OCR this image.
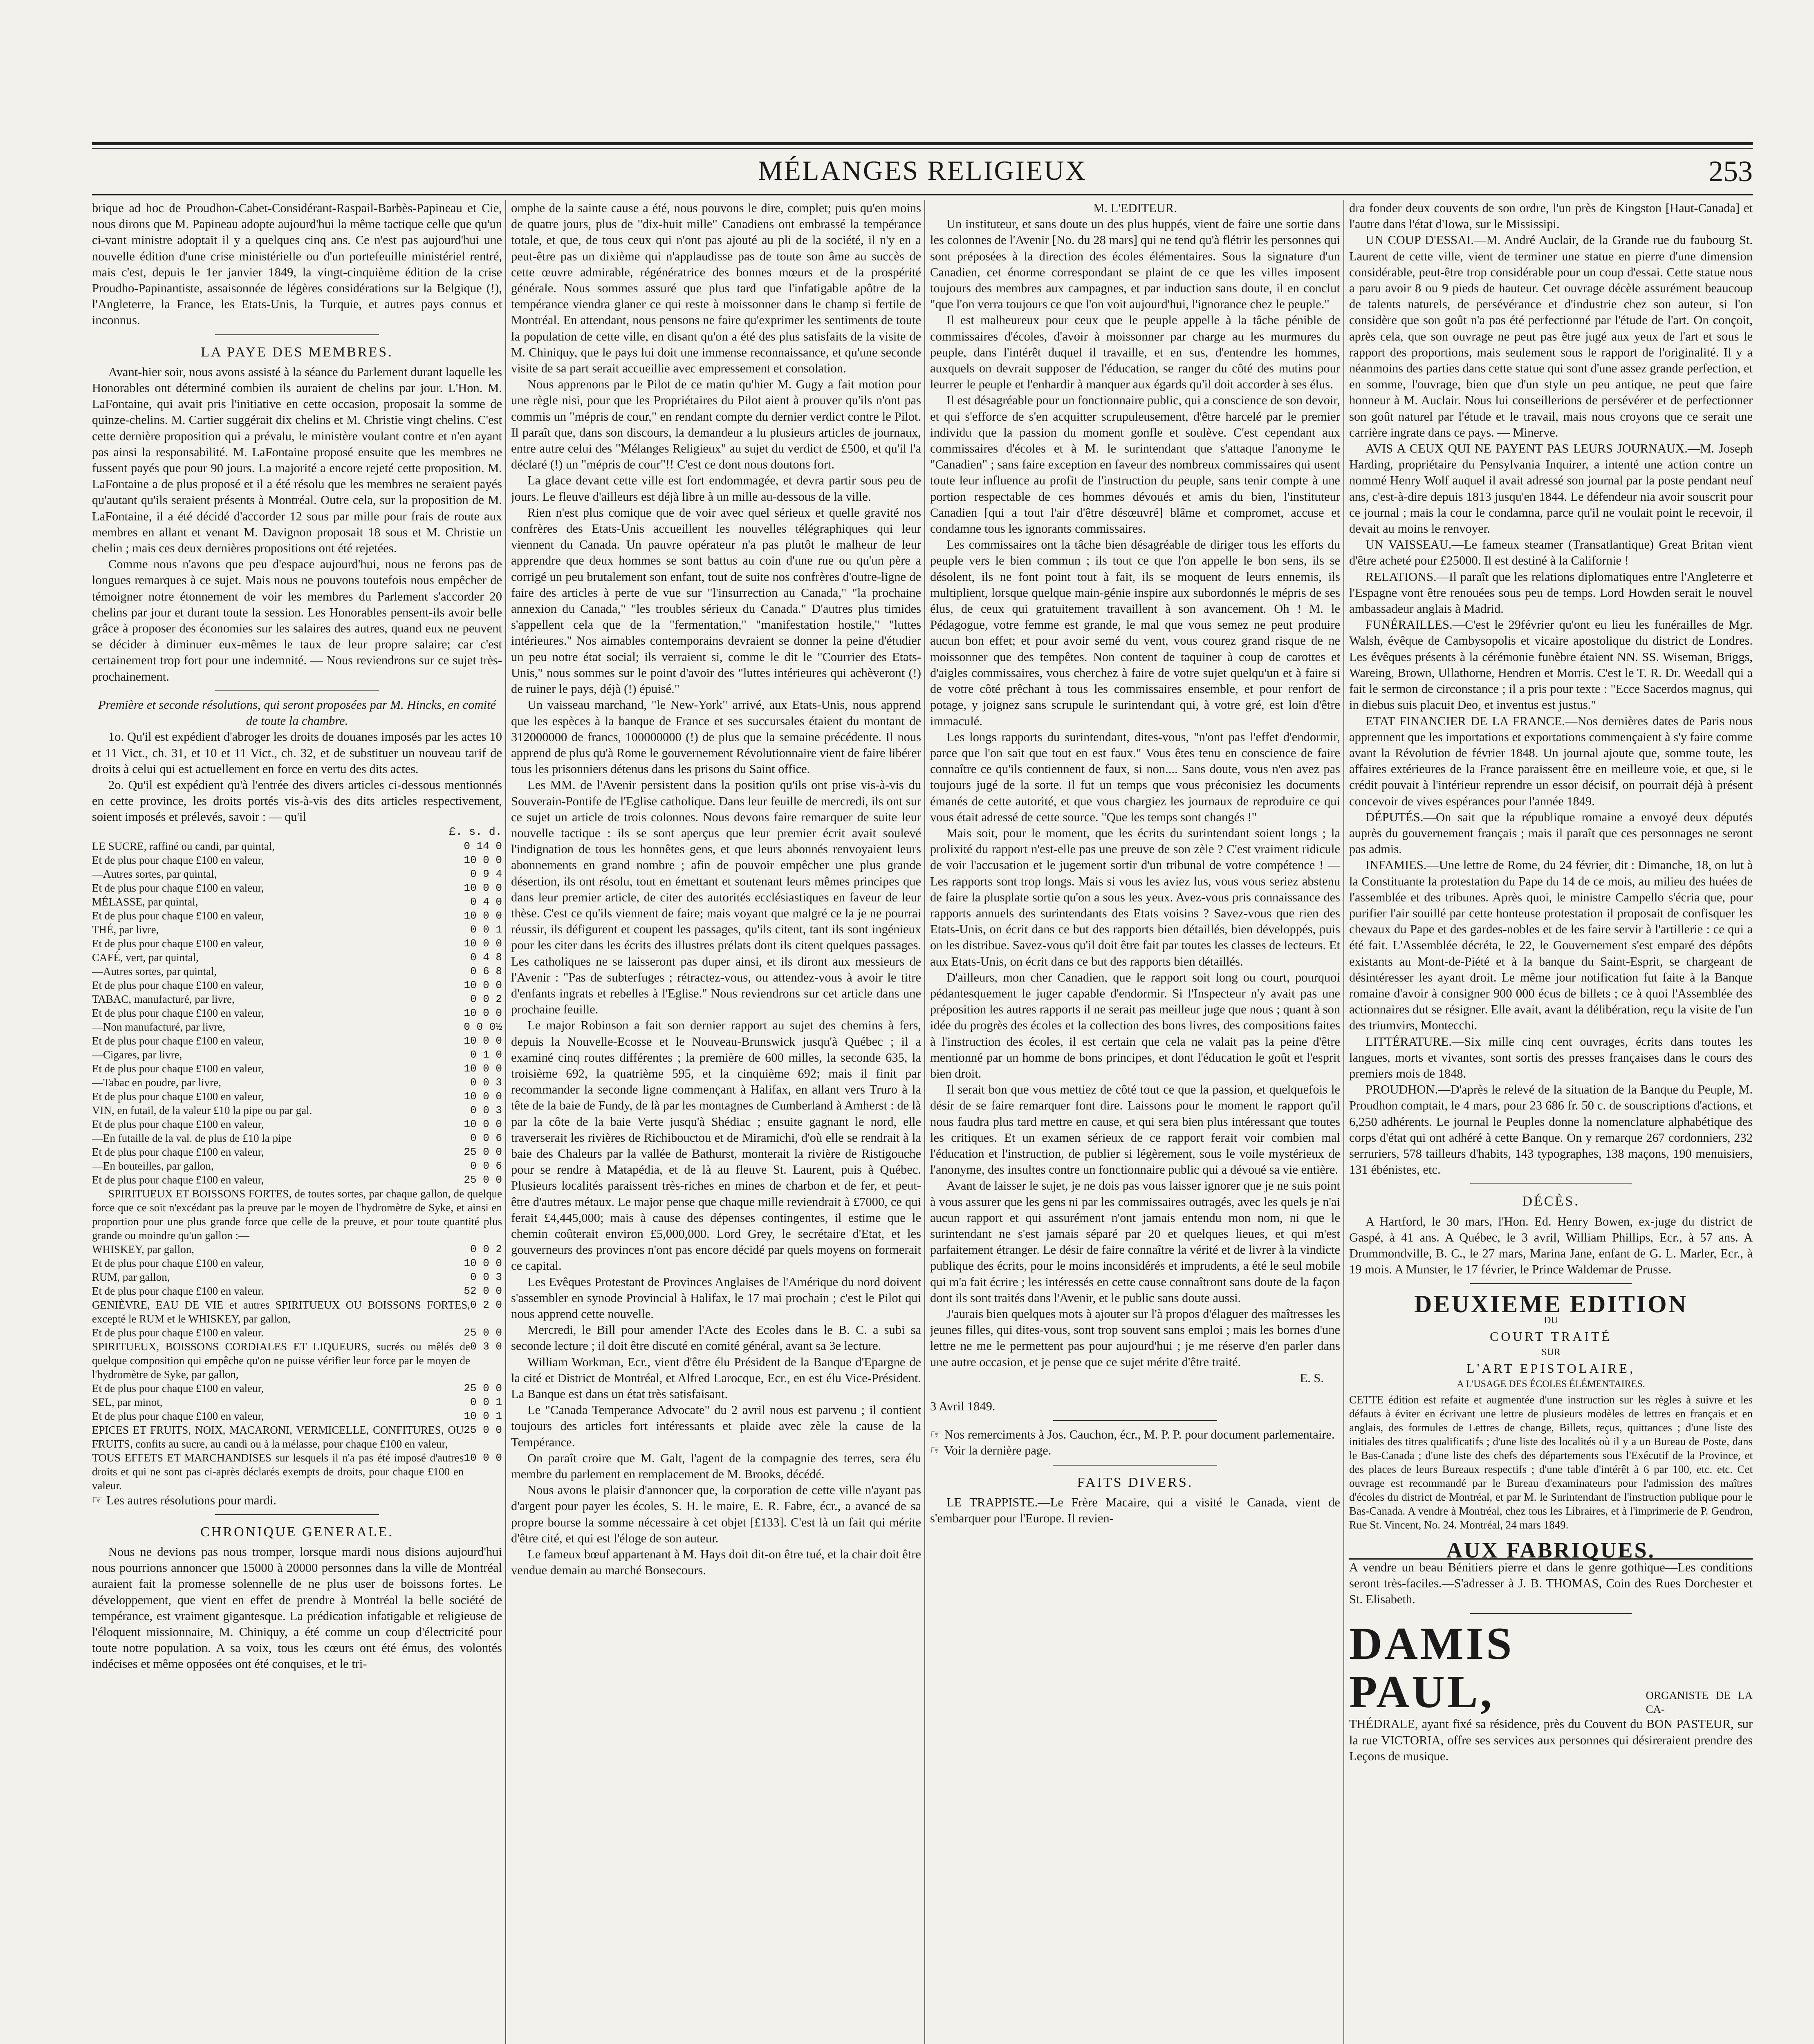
MÉLANGES RELIGIEUX	253

brique ad hoc de Proudhon-Cabet-Considérant-Raspail-Barbès-Papineau et Cie, nous dirons que M. Papineau adopte aujourd'hui la même tactique celle que qu'un ci-vant ministre adoptait il y a quelques cinq ans. Ce n'est pas aujourd'hui une nouvelle édition d'une crise ministérielle ou d'un portefeuille ministériel rentré, mais c'est, depuis le 1er janvier 1849, la vingt-cinquième édition de la crise Proudho-Papinantiste, assaisonnée de légères considérations sur la Belgique (!), l'Angleterre, la France, les Etats-Unis, la Turquie, et autres pays connus et inconnus.

LA PAYE DES MEMBRES.

Avant-hier soir, nous avons assisté à la séance du Parlement durant laquelle les Honorables ont déterminé combien ils auraient de chelins par jour. L'Hon. M. LaFontaine, qui avait pris l'initiative en cette occasion, proposait la somme de quinze-chelins. M. Cartier suggérait dix chelins et M. Christie vingt chelins. C'est cette dernière proposition qui a prévalu, le ministère voulant contre et n'en ayant pas ainsi la responsabilité. M. LaFontaine proposé ensuite que les membres ne fussent payés que pour 90 jours. La majorité a encore rejeté cette proposition. M. LaFontaine a de plus proposé et il a été résolu que les membres ne seraient payés qu'autant qu'ils seraient présents à Montréal. Outre cela, sur la proposition de M. LaFontaine, il a été décidé d'accorder 12 sous par mille pour frais de route aux membres en allant et venant M. Davignon proposait 18 sous et M. Christie un chelin ; mais ces deux dernières propositions ont été rejetées.

Comme nous n'avons que peu d'espace aujourd'hui, nous ne ferons pas de longues remarques à ce sujet. Mais nous ne pouvons toutefois nous empêcher de témoigner notre étonnement de voir les membres du Parlement s'accorder 20 chelins par jour et durant toute la session. Les Honorables pensent-ils avoir belle grâce à proposer des économies sur les salaires des autres, quand eux ne peuvent se décider à diminuer eux-mêmes le taux de leur propre salaire; car c'est certainement trop fort pour une indemnité. — Nous reviendrons sur ce sujet très-prochainement.

Première et seconde résolutions, qui seront proposées par M. Hincks, en comité de toute la chambre.

1o. Qu'il est expédient d'abroger les droits de douanes imposés par les actes 10 et 11 Vict., ch. 31, et 10 et 11 Vict., ch. 32, et de substituer un nouveau tarif de droits à celui qui est actuellement en force en vertu des dits actes.

2o. Qu'il est expédient qu'à l'entrée des divers articles ci-dessous mentionnés en cette province, les droits portés vis-à-vis des dits articles respectivement, soient imposés et prélevés, savoir : — qu'il

£. s. d.
LE SUCRE, raffiné ou candi, par quintal,	0 14 0
Et de plus pour chaque £100 en valeur,	10 0 0
—Autres sortes, par quintal,	0 9 4
Et de plus pour chaque £100 en valeur,	10 0 0
MÉLASSE, par quintal,	0 4 0
Et de plus pour chaque £100 en valeur,	10 0 0
THÉ, par livre,	0 0 1
Et de plus pour chaque £100 en valeur,	10 0 0
CAFÉ, vert, par quintal,	0 4 8
—Autres sortes, par quintal,	0 6 8
Et de plus pour chaque £100 en valeur,	10 0 0
TABAC, manufacturé, par livre,	0 0 2
Et de plus pour chaque £100 en valeur,	10 0 0
—Non manufacturé, par livre,	0 0 0½
Et de plus pour chaque £100 en valeur,	10 0 0
—Cigares, par livre,	0 1 0
Et de plus pour chaque £100 en valeur,	10 0 0
—Tabac en poudre, par livre,	0 0 3
Et de plus pour chaque £100 en valeur,	10 0 0
VIN, en futail, de la valeur £10 la pipe ou par gal.	0 0 3
Et de plus pour chaque £100 en valeur,	10 0 0
—En futaille de la val. de plus de £10 la pipe	0 0 6
Et de plus pour chaque £100 en valeur,	25 0 0
—En bouteilles, par gallon,	0 0 6
Et de plus pour chaque £100 en valeur,	25 0 0

SPIRITUEUX ET BOISSONS FORTES, de toutes sortes, par chaque gallon, de quelque force que ce soit n'excédant pas la preuve par le moyen de l'hydromètre de Syke, et ainsi en proportion pour une plus grande force que celle de la preuve, et pour toute quantité plus grande ou moindre qu'un gallon :—

WHISKEY, par gallon,	0 0 2
Et de plus pour chaque £100 en valeur,	10 0 0
RUM, par gallon,	0 0 3
Et de plus pour chaque £100 en valeur.	52 0 0
GENIÈVRE, EAU DE VIE et autres SPIRITUEUX OU BOISSONS FORTES, excepté le RUM et le WHISKEY, par gallon,
0 2 0
Et de plus pour chaque £100 en valeur.	25 0 0
SPIRITUEUX, BOISSONS CORDIALES ET LIQUEURS, sucrés ou mêlés de quelque composition qui empêche qu'on ne puisse vérifier leur force par le moyen de l'hydromètre de Syke, par gallon,
0 3 0
Et de plus pour chaque £100 en valeur,	25 0 0
SEL, par minot,	0 0 1
Et de plus pour chaque £100 en valeur,	10 0 1
EPICES ET FRUITS, NOIX, MACARONI, VERMICELLE, CONFITURES, OU FRUITS, confits au sucre, au candi ou à la mélasse, pour chaque £100 en valeur,
25 0 0
TOUS EFFETS ET MARCHANDISES sur lesquels il n'a pas été imposé d'autres droits et qui ne sont pas ci-après déclarés exempts de droits, pour chaque £100 en valeur.
10 0 0

☞ Les autres résolutions pour mardi.

CHRONIQUE GENERALE.

Nous ne devions pas nous tromper, lorsque mardi nous disions aujourd'hui nous pourrions annoncer que 15000 à 20000 personnes dans la ville de Montréal auraient fait la promesse solennelle de ne plus user de boissons fortes. Le développement, que vient en effet de prendre à Montréal la belle société de tempérance, est vraiment gigantesque. La prédication infatigable et religieuse de l'éloquent missionnaire, M. Chiniquy, a été comme un coup d'électricité pour toute notre population. A sa voix, tous les cœurs ont été émus, des volontés indécises et même opposées ont été conquises, et le tri-

omphe de la sainte cause a été, nous pouvons le dire, complet; puis qu'en moins de quatre jours, plus de "dix-huit mille" Canadiens ont embrassé la tempérance totale, et que, de tous ceux qui n'ont pas ajouté au pli de la société, il n'y en a peut-être pas un dixième qui n'applaudisse pas de toute son âme au succès de cette œuvre admirable, régénératrice des bonnes mœurs et de la prospérité générale. Nous sommes assuré que plus tard que l'infatigable apôtre de la tempérance viendra glaner ce qui reste à moissonner dans le champ si fertile de Montréal. En attendant, nous pensons ne faire qu'exprimer les sentiments de toute la population de cette ville, en disant qu'on a été des plus satisfaits de la visite de M. Chiniquy, que le pays lui doit une immense reconnaissance, et qu'une seconde visite de sa part serait accueillie avec empressement et consolation.

Nous apprenons par le Pilot de ce matin qu'hier M. Gugy a fait motion pour une règle nisi, pour que les Propriétaires du Pilot aient à prouver qu'ils n'ont pas commis un "mépris de cour," en rendant compte du dernier verdict contre le Pilot. Il paraît que, dans son discours, la demandeur a lu plusieurs articles de journaux, entre autre celui des "Mélanges Religieux" au sujet du verdict de £500, et qu'il l'a déclaré (!) un "mépris de cour"!! C'est ce dont nous doutons fort.

La glace devant cette ville est fort endommagée, et devra partir sous peu de jours. Le fleuve d'ailleurs est déjà libre à un mille au-dessous de la ville.

Rien n'est plus comique que de voir avec quel sérieux et quelle gravité nos confrères des Etats-Unis accueillent les nouvelles télégraphiques qui leur viennent du Canada. Un pauvre opérateur n'a pas plutôt le malheur de leur apprendre que deux hommes se sont battus au coin d'une rue ou qu'un père a corrigé un peu brutalement son enfant, tout de suite nos confrères d'outre-ligne de faire des articles à perte de vue sur "l'insurrection au Canada," "la prochaine annexion du Canada," "les troubles sérieux du Canada." D'autres plus timides s'appellent cela que de la "fermentation," "manifestation hostile," "luttes intérieures." Nos aimables contemporains devraient se donner la peine d'étudier un peu notre état social; ils verraient si, comme le dit le "Courrier des Etats-Unis," nous sommes sur le point d'avoir des "luttes intérieures qui achèveront (!) de ruiner le pays, déjà (!) épuisé."

Un vaisseau marchand, "le New-York" arrivé, aux Etats-Unis, nous apprend que les espèces à la banque de France et ses succursales étaient du montant de 312000000 de francs, 100000000 (!) de plus que la semaine précédente. Il nous apprend de plus qu'à Rome le gouvernement Révolutionnaire vient de faire libérer tous les prisonniers détenus dans les prisons du Saint office.

Les MM. de l'Avenir persistent dans la position qu'ils ont prise vis-à-vis du Souverain-Pontife de l'Eglise catholique. Dans leur feuille de mercredi, ils ont sur ce sujet un article de trois colonnes. Nous devons faire remarquer de suite leur nouvelle tactique : ils se sont aperçus que leur premier écrit avait soulevé l'indignation de tous les honnêtes gens, et que leurs abonnés renvoyaient leurs abonnements en grand nombre ; afin de pouvoir empêcher une plus grande désertion, ils ont résolu, tout en émettant et soutenant leurs mêmes principes que dans leur premier article, de citer des autorités ecclésiastiques en faveur de leur thèse. C'est ce qu'ils viennent de faire; mais voyant que malgré ce la je ne pourrai réussir, ils défigurent et coupent les passages, qu'ils citent, tant ils sont ingénieux pour les citer dans les écrits des illustres prélats dont ils citent quelques passages. Les catholiques ne se laisseront pas duper ainsi, et ils diront aux messieurs de l'Avenir : "Pas de subterfuges ; rétractez-vous, ou attendez-vous à avoir le titre d'enfants ingrats et rebelles à l'Eglise." Nous reviendrons sur cet article dans une prochaine feuille.

Le major Robinson a fait son dernier rapport au sujet des chemins à fers, depuis la Nouvelle-Ecosse et le Nouveau-Brunswick jusqu'à Québec ; il a examiné cinq routes différentes ; la première de 600 milles, la seconde 635, la troisième 692, la quatrième 595, et la cinquième 692; mais il finit par recommander la seconde ligne commençant à Halifax, en allant vers Truro à la tête de la baie de Fundy, de là par les montagnes de Cumberland à Amherst : de là par la côte de la baie Verte jusqu'à Shédiac ; ensuite gagnant le nord, elle traverserait les rivières de Richibouctou et de Miramichi, d'où elle se rendrait à la baie des Chaleurs par la vallée de Bathurst, monterait la rivière de Ristigouche pour se rendre à Matapédia, et de là au fleuve St. Laurent, puis à Québec. Plusieurs localités paraissent très-riches en mines de charbon et de fer, et peut-être d'autres métaux. Le major pense que chaque mille reviendrait à £7000, ce qui ferait £4,445,000; mais à cause des dépenses contingentes, il estime que le chemin coûterait environ £5,000,000. Lord Grey, le secrétaire d'Etat, et les gouverneurs des provinces n'ont pas encore décidé par quels moyens on formerait ce capital.

Les Evêques Protestant de Provinces Anglaises de l'Amérique du nord doivent s'assembler en synode Provincial à Halifax, le 17 mai prochain ; c'est le Pilot qui nous apprend cette nouvelle.

Mercredi, le Bill pour amender l'Acte des Ecoles dans le B. C. a subi sa seconde lecture ; il doit être discuté en comité général, avant sa 3e lecture.

William Workman, Ecr., vient d'être élu Président de la Banque d'Epargne de la cité et District de Montréal, et Alfred Larocque, Ecr., en est élu Vice-Président. La Banque est dans un état très satisfaisant.

Le "Canada Temperance Advocate" du 2 avril nous est parvenu ; il contient toujours des articles fort intéressants et plaide avec zèle la cause de la Tempérance.

On paraît croire que M. Galt, l'agent de la compagnie des terres, sera élu membre du parlement en remplacement de M. Brooks, décédé.

Nous avons le plaisir d'annoncer que, la corporation de cette ville n'ayant pas d'argent pour payer les écoles, S. H. le maire, E. R. Fabre, écr., a avancé de sa propre bourse la somme nécessaire à cet objet [£133]. C'est là un fait qui mérite d'être cité, et qui est l'éloge de son auteur.

Le fameux bœuf appartenant à M. Hays doit dit-on être tué, et la chair doit être vendue demain au marché Bonsecours.

M. L'EDITEUR.

Un instituteur, et sans doute un des plus huppés, vient de faire une sortie dans les colonnes de l'Avenir [No. du 28 mars] qui ne tend qu'à flétrir les personnes qui sont préposées à la direction des écoles élémentaires. Sous la signature d'un Canadien, cet énorme correspondant se plaint de ce que les villes imposent toujours des membres aux campagnes, et par induction sans doute, il en conclut "que l'on verra toujours ce que l'on voit aujourd'hui, l'ignorance chez le peuple."

Il est malheureux pour ceux que le peuple appelle à la tâche pénible de commissaires d'écoles, d'avoir à moissonner par charge au les murmures du peuple, dans l'intérêt duquel il travaille, et en sus, d'entendre les hommes, auxquels on devrait supposer de l'éducation, se ranger du côté des mutins pour leurrer le peuple et l'enhardir à manquer aux égards qu'il doit accorder à ses élus.

Il est désagréable pour un fonctionnaire public, qui a conscience de son devoir, et qui s'efforce de s'en acquitter scrupuleusement, d'être harcelé par le premier individu que la passion du moment gonfle et soulève. C'est cependant aux commissaires d'écoles et à M. le surintendant que s'attaque l'anonyme le "Canadien" ; sans faire exception en faveur des nombreux commissaires qui usent toute leur influence au profit de l'instruction du peuple, sans tenir compte à une portion respectable de ces hommes dévoués et amis du bien, l'instituteur Canadien [qui a tout l'air d'être désœuvré] blâme et compromet, accuse et condamne tous les ignorants commissaires.

Les commissaires ont la tâche bien désagréable de diriger tous les efforts du peuple vers le bien commun ; ils tout ce que l'on appelle le bon sens, ils se désolent, ils ne font point tout à fait, ils se moquent de leurs ennemis, ils multiplient, lorsque quelque main-génie inspire aux subordonnés le mépris de ses élus, de ceux qui gratuitement travaillent à son avancement. Oh ! M. le Pédagogue, votre femme est grande, le mal que vous semez ne peut produire aucun bon effet; et pour avoir semé du vent, vous courez grand risque de ne moissonner que des tempêtes. Non content de taquiner à coup de carottes et d'aigles commissaires, vous cherchez à faire de votre sujet quelqu'un et à faire si de votre côté prêchant à tous les commissaires ensemble, et pour renfort de potage, y joignez sans scrupule le surintendant qui, à votre gré, est loin d'être immaculé.

Les longs rapports du surintendant, dites-vous, "n'ont pas l'effet d'endormir, parce que l'on sait que tout en est faux." Vous êtes tenu en conscience de faire connaître ce qu'ils contiennent de faux, si non.... Sans doute, vous n'en avez pas toujours jugé de la sorte. Il fut un temps que vous préconisiez les documents émanés de cette autorité, et que vous chargiez les journaux de reproduire ce qui vous était adressé de cette source. "Que les temps sont changés !"

Mais soit, pour le moment, que les écrits du surintendant soient longs ; la prolixité du rapport n'est-elle pas une preuve de son zèle ? C'est vraiment ridicule de voir l'accusation et le jugement sortir d'un tribunal de votre compétence ! — Les rapports sont trop longs. Mais si vous les aviez lus, vous vous seriez abstenu de faire la plusplate sortie qu'on a sous les yeux. Avez-vous pris connaissance des rapports annuels des surintendants des Etats voisins ? Savez-vous que rien des Etats-Unis, on écrit dans ce but des rapports bien détaillés, bien développés, puis on les distribue. Savez-vous qu'il doit être fait par toutes les classes de lecteurs. Et aux Etats-Unis, on écrit dans ce but des rapports bien détaillés.

D'ailleurs, mon cher Canadien, que le rapport soit long ou court, pourquoi pédantesquement le juger capable d'endormir. Si l'Inspecteur n'y avait pas une préposition les autres rapports il ne serait pas meilleur juge que nous ; quant à son idée du progrès des écoles et la collection des bons livres, des compositions faites à l'instruction des écoles, il est certain que cela ne valait pas la peine d'être mentionné par un homme de bons principes, et dont l'éducation le goût et l'esprit bien droit.

Il serait bon que vous mettiez de côté tout ce que la passion, et quelquefois le désir de se faire remarquer font dire. Laissons pour le moment le rapport qu'il nous faudra plus tard mettre en cause, et qui sera bien plus intéressant que toutes les critiques. Et un examen sérieux de ce rapport ferait voir combien mal l'éducation et l'instruction, de publier si légèrement, sous le voile mystérieux de l'anonyme, des insultes contre un fonctionnaire public qui a dévoué sa vie entière.

Avant de laisser le sujet, je ne dois pas vous laisser ignorer que je ne suis point à vous assurer que les gens ni par les commissaires outragés, avec les quels je n'ai aucun rapport et qui assurément n'ont jamais entendu mon nom, ni que le surintendant ne s'est jamais séparé par 20 et quelques lieues, et qui m'est parfaitement étranger. Le désir de faire connaître la vérité et de livrer à la vindicte publique des écrits, pour le moins inconsidérés et imprudents, a été le seul mobile qui m'a fait écrire ; les intéressés en cette cause connaîtront sans doute de la façon dont ils sont traités dans l'Avenir, et le public sans doute aussi.

J'aurais bien quelques mots à ajouter sur l'à propos d'élaguer des maîtresses les jeunes filles, qui dites-vous, sont trop souvent sans emploi ; mais les bornes d'une lettre ne me le permettent pas pour aujourd'hui ; je me réserve d'en parler dans une autre occasion, et je pense que ce sujet mérite d'être traité.

E. S.
3 Avril 1849.

☞ Nos remerciments à Jos. Cauchon, écr., M. P. P. pour document parlementaire.

☞ Voir la dernière page.

FAITS DIVERS.

LE TRAPPISTE.—Le Frère Macaire, qui a visité le Canada, vient de s'embarquer pour l'Europe. Il revien-

dra fonder deux couvents de son ordre, l'un près de Kingston [Haut-Canada] et l'autre dans l'état d'Iowa, sur le Mississipi.

UN COUP D'ESSAI.—M. André Auclair, de la Grande rue du faubourg St. Laurent de cette ville, vient de terminer une statue en pierre d'une dimension considérable, peut-être trop considérable pour un coup d'essai. Cette statue nous a paru avoir 8 ou 9 pieds de hauteur. Cet ouvrage décèle assurément beaucoup de talents naturels, de persévérance et d'industrie chez son auteur, si l'on considère que son goût n'a pas été perfectionné par l'étude de l'art. On conçoit, après cela, que son ouvrage ne peut pas être jugé aux yeux de l'art et sous le rapport des proportions, mais seulement sous le rapport de l'originalité. Il y a néanmoins des parties dans cette statue qui sont d'une assez grande perfection, et en somme, l'ouvrage, bien que d'un style un peu antique, ne peut que faire honneur à M. Auclair. Nous lui conseillerions de persévérer et de perfectionner son goût naturel par l'étude et le travail, mais nous croyons que ce serait une carrière ingrate dans ce pays. — Minerve.

AVIS A CEUX QUI NE PAYENT PAS LEURS JOURNAUX.—M. Joseph Harding, propriétaire du Pensylvania Inquirer, a intenté une action contre un nommé Henry Wolf auquel il avait adressé son journal par la poste pendant neuf ans, c'est-à-dire depuis 1813 jusqu'en 1844. Le défendeur nia avoir souscrit pour ce journal ; mais la cour le condamna, parce qu'il ne voulait point le recevoir, il devait au moins le renvoyer.

UN VAISSEAU.—Le fameux steamer (Transatlantique) Great Britan vient d'être acheté pour £25000. Il est destiné à la Californie !

RELATIONS.—Il paraît que les relations diplomatiques entre l'Angleterre et l'Espagne vont être renouées sous peu de temps. Lord Howden serait le nouvel ambassadeur anglais à Madrid.

FUNÉRAILLES.—C'est le 29février qu'ont eu lieu les funérailles de Mgr. Walsh, évêque de Cambysopolis et vicaire apostolique du district de Londres. Les évêques présents à la cérémonie funèbre étaient NN. SS. Wiseman, Briggs, Wareing, Brown, Ullathorne, Hendren et Morris. C'est le T. R. Dr. Weedall qui a fait le sermon de circonstance ; il a pris pour texte : "Ecce Sacerdos magnus, qui in diebus suis placuit Deo, et inventus est justus."

ETAT FINANCIER DE LA FRANCE.—Nos dernières dates de Paris nous apprennent que les importations et exportations commençaient à s'y faire comme avant la Révolution de février 1848. Un journal ajoute que, somme toute, les affaires extérieures de la France paraissent être en meilleure voie, et que, si le crédit pouvait à l'intérieur reprendre un essor décisif, on pourrait déjà à présent concevoir de vives espérances pour l'année 1849.

DÉPUTÉS.—On sait que la république romaine a envoyé deux députés auprès du gouvernement français ; mais il paraît que ces personnages ne seront pas admis.

INFAMIES.—Une lettre de Rome, du 24 février, dit : Dimanche, 18, on lut à la Constituante la protestation du Pape du 14 de ce mois, au milieu des huées de l'assemblée et des tribunes. Après quoi, le ministre Campello s'écria que, pour purifier l'air souillé par cette honteuse protestation il proposait de confisquer les chevaux du Pape et des gardes-nobles et de les faire servir à l'artillerie : ce qui a été fait. L'Assemblée décréta, le 22, le Gouvernement s'est emparé des dépôts existants au Mont-de-Piété et à la banque du Saint-Esprit, se chargeant de désintéresser les ayant droit. Le même jour notification fut faite à la Banque romaine d'avoir à consigner 900 000 écus de billets ; ce à quoi l'Assemblée des actionnaires dut se résigner. Elle avait, avant la délibération, reçu la visite de l'un des triumvirs, Montecchi.

LITTÉRATURE.—Six mille cinq cent ouvrages, écrits dans toutes les langues, morts et vivantes, sont sortis des presses françaises dans le cours des premiers mois de 1848.

PROUDHON.—D'après le relevé de la situation de la Banque du Peuple, M. Proudhon comptait, le 4 mars, pour 23 686 fr. 50 c. de souscriptions d'actions, et 6,250 adhérents. Le journal le Peuples donne la nomenclature alphabétique des corps d'état qui ont adhéré à cette Banque. On y remarque 267 cordonniers, 232 serruriers, 578 tailleurs d'habits, 143 typographes, 138 maçons, 190 menuisiers, 131 ébénistes, etc.

DÉCÈS.

A Hartford, le 30 mars, l'Hon. Ed. Henry Bowen, ex-juge du district de Gaspé, à 41 ans. A Québec, le 3 avril, William Phillips, Ecr., à 57 ans. A Drummondville, B. C., le 27 mars, Marina Jane, enfant de G. L. Marler, Ecr., à 19 mois. A Munster, le 17 février, le Prince Waldemar de Prusse.

DEUXIEME EDITION
DU
COURT TRAITÉ
SUR
L'ART EPISTOLAIRE,
A L'USAGE DES ÉCOLES ÉLÉMENTAIRES.

CETTE édition est refaite et augmentée d'une instruction sur les règles à suivre et les défauts à éviter en écrivant une lettre de plusieurs modèles de lettres en français et en anglais, des formules de Lettres de change, Billets, reçus, quittances ; d'une liste des initiales des titres qualificatifs ; d'une liste des localités où il y a un Bureau de Poste, dans le Bas-Canada ; d'une liste des chefs des départements sous l'Exécutif de la Province, et des places de leurs Bureaux respectifs ; d'une table d'intérêt à 6 par 100, etc. etc. Cet ouvrage est recommandé par le Bureau d'examinateurs pour l'admission des maîtres d'écoles du district de Montréal, et par M. le Surintendant de l'instruction publique pour le Bas-Canada. A vendre à Montréal, chez tous les Libraires, et à l'imprimerie de P. Gendron, Rue St. Vincent, No. 24. Montréal, 24 mars 1849.

AUX FABRIQUES.

A vendre un beau Bénitiers pierre et dans le genre gothique—Les conditions seront très-faciles.—S'adresser à J. B. THOMAS, Coin des Rues Dorchester et St. Elisabeth.

DAMIS PAUL,	ORGANISTE DE LA CA-

THÉDRALE, ayant fixé sa résidence, près du Couvent du BON PASTEUR, sur la rue VICTORIA, offre ses services aux personnes qui désireraient prendre des Leçons de musique.
